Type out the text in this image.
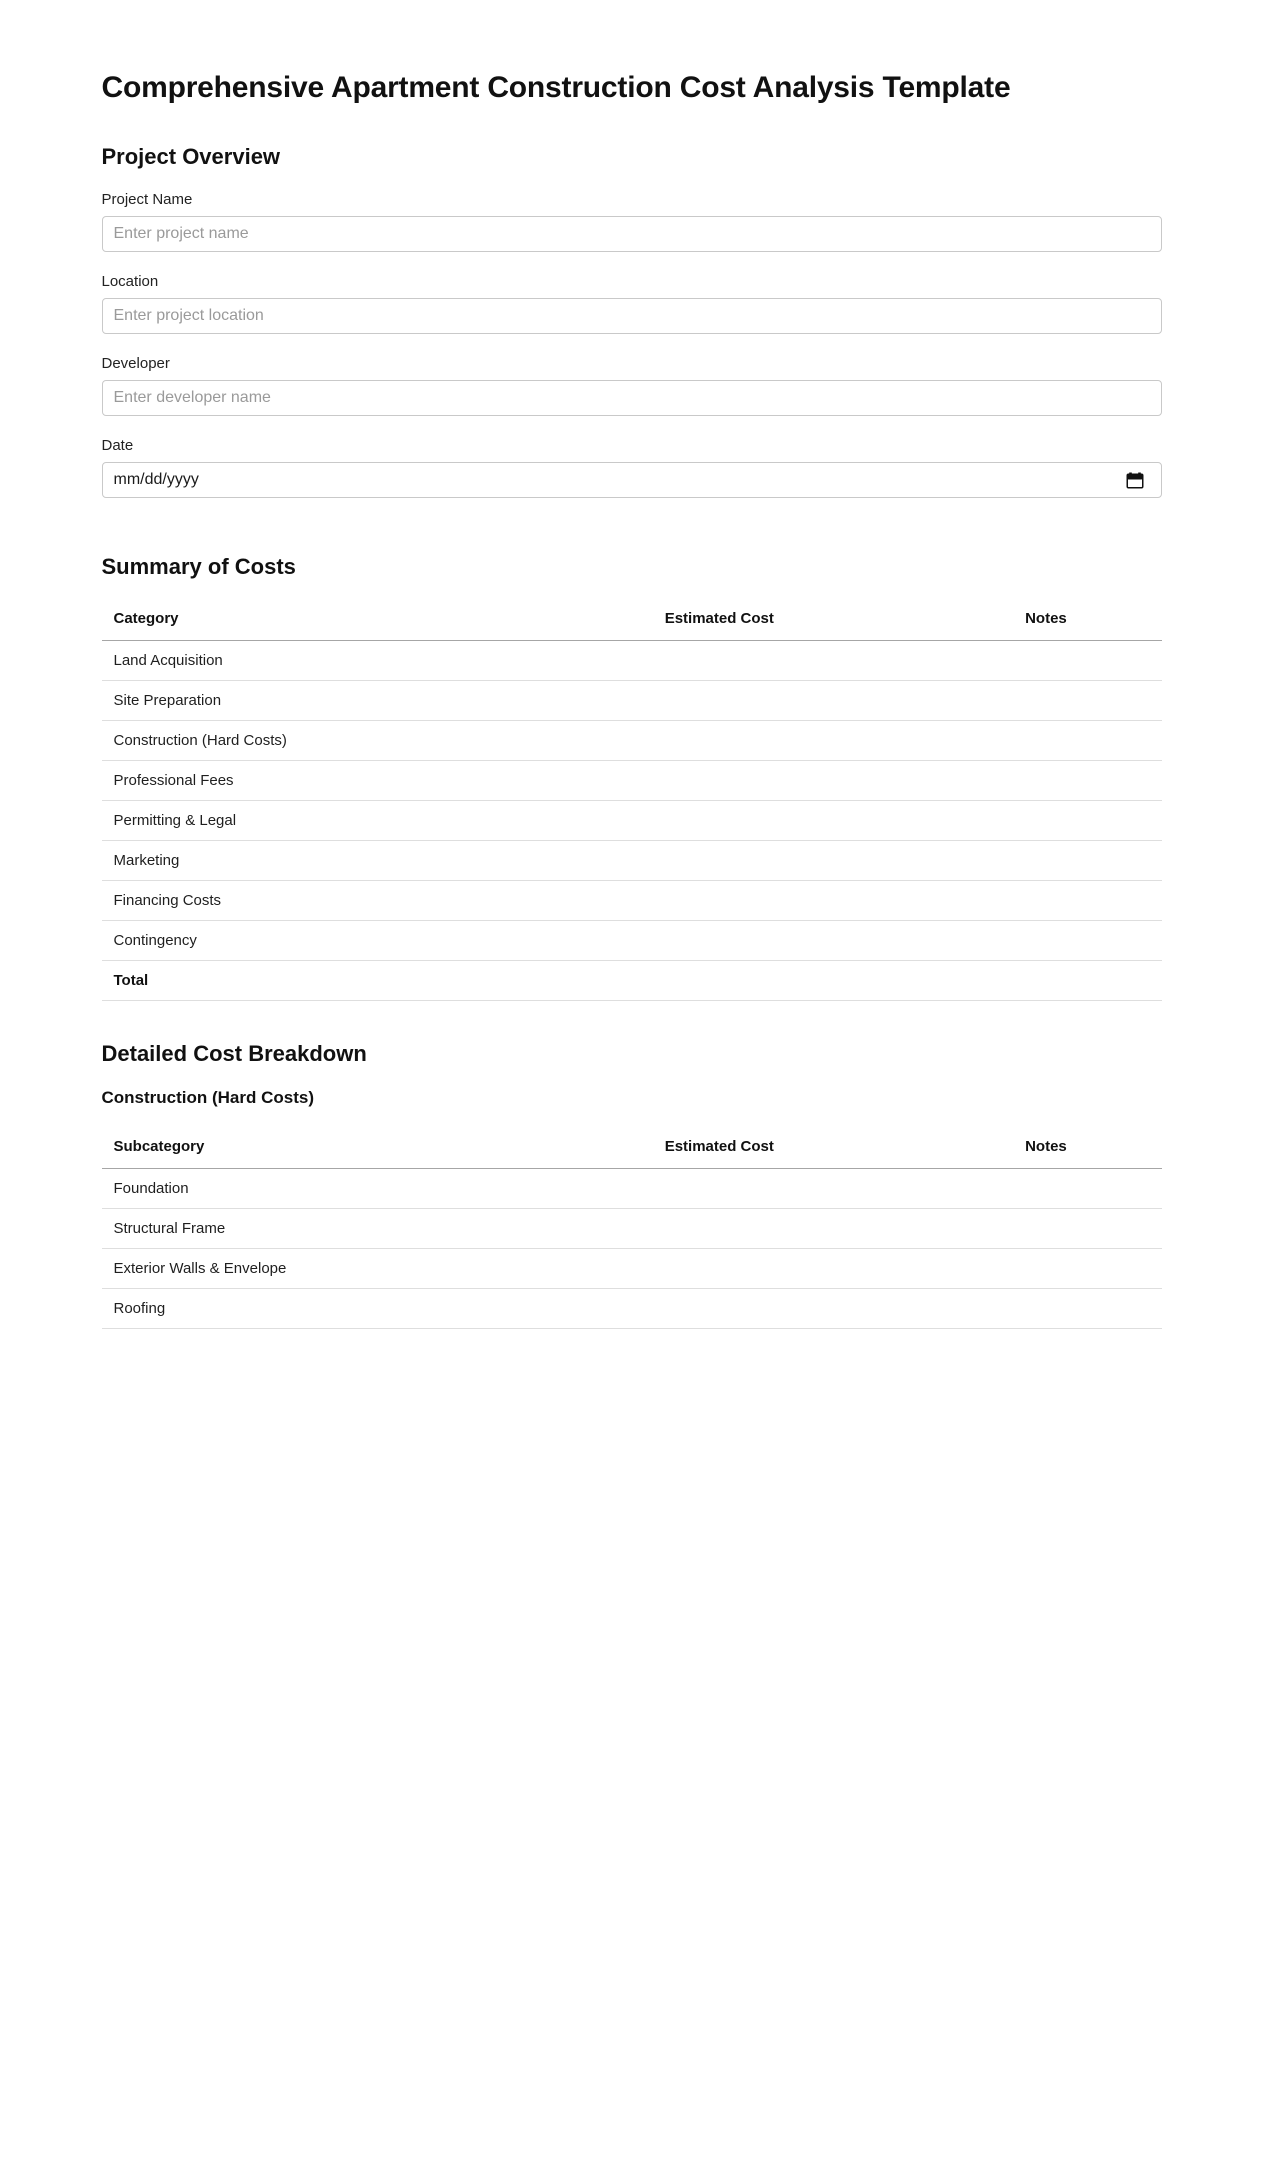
Comprehensive Apartment Construction Cost Analysis Template
Project Overview
Project Name
Enter project name
Location
Enter project location
Developer
Enter developer name
Date
mm/dd/yyyy
Summary of Costs
Category	Estimated Cost	Notes
Land Acquisition		
Site Preparation		
Construction (Hard Costs)		
Professional Fees		
Permitting & Legal		
Marketing		
Financing Costs		
Contingency		
Total		
Detailed Cost Breakdown
Construction (Hard Costs)
Subcategory	Estimated Cost	Notes
Foundation		
Structural Frame		
Exterior Walls & Envelope		
Roofing		
